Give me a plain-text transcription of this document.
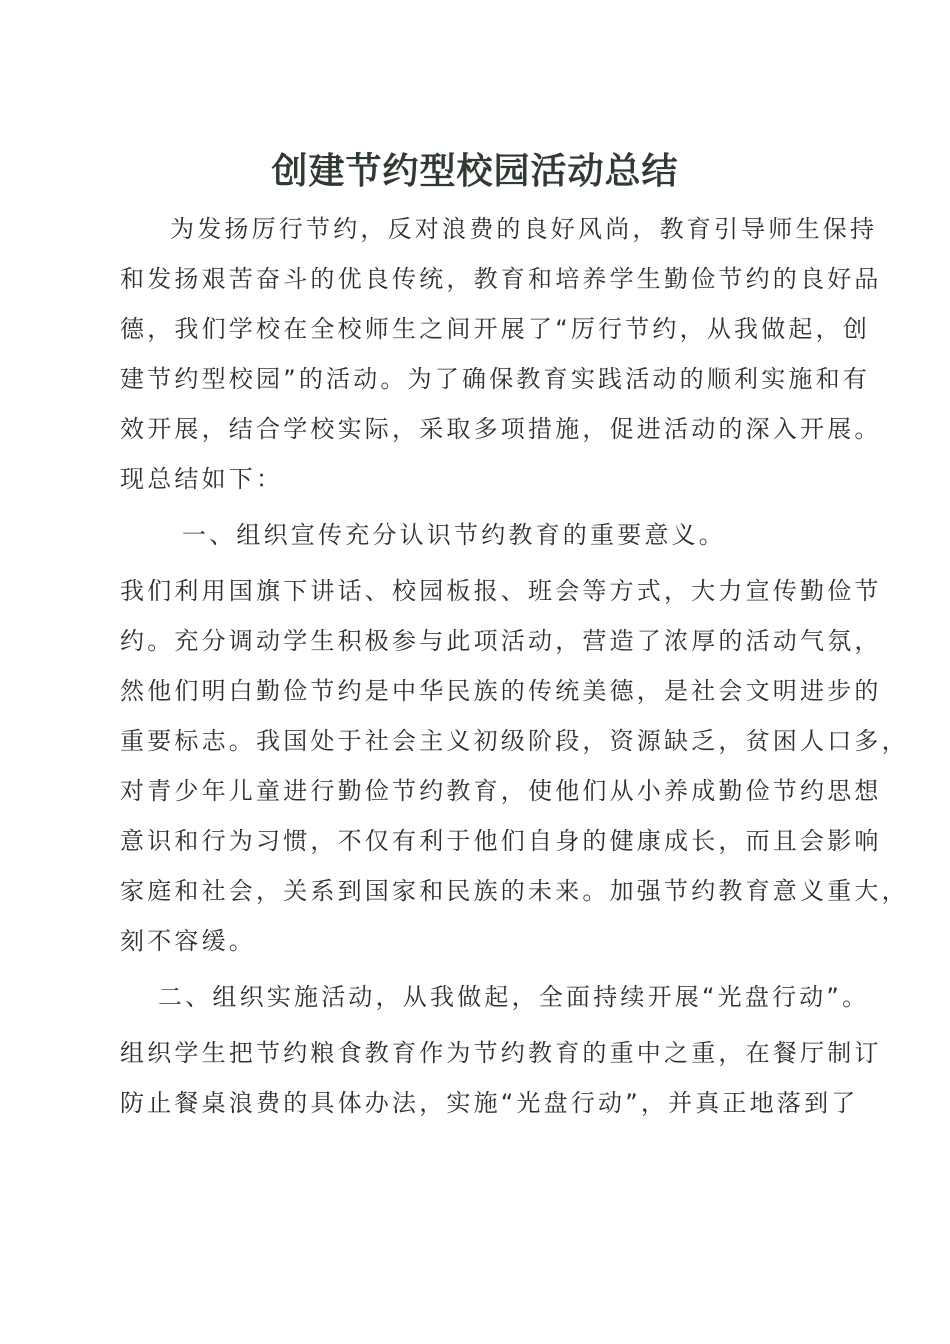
创建节约型校园活动总结

为发扬厉行节约，反对浪费的良好风尚，教育引导师生保持

和发扬艰苦奋斗的优良传统，教育和培养学生勤俭节约的良好品

德，我们学校在全校师生之间开展了“厉行节约，从我做起，创

建节约型校园”的活动。为了确保教育实践活动的顺利实施和有

效开展，结合学校实际，采取多项措施，促进活动的深入开展。

现总结如下：

一、组织宣传充分认识节约教育的重要意义。

我们利用国旗下讲话、校园板报、班会等方式，大力宣传勤俭节

约。充分调动学生积极参与此项活动，营造了浓厚的活动气氛，

然他们明白勤俭节约是中华民族的传统美德，是社会文明进步的

重要标志。我国处于社会主义初级阶段，资源缺乏，贫困人口多，

对青少年儿童进行勤俭节约教育，使他们从小养成勤俭节约思想

意识和行为习惯，不仅有利于他们自身的健康成长，而且会影响

家庭和社会，关系到国家和民族的未来。加强节约教育意义重大，

刻不容缓。

二、组织实施活动，从我做起，全面持续开展“光盘行动”。

组织学生把节约粮食教育作为节约教育的重中之重，在餐厅制订

防止餐桌浪费的具体办法，实施“光盘行动”，并真正地落到了
